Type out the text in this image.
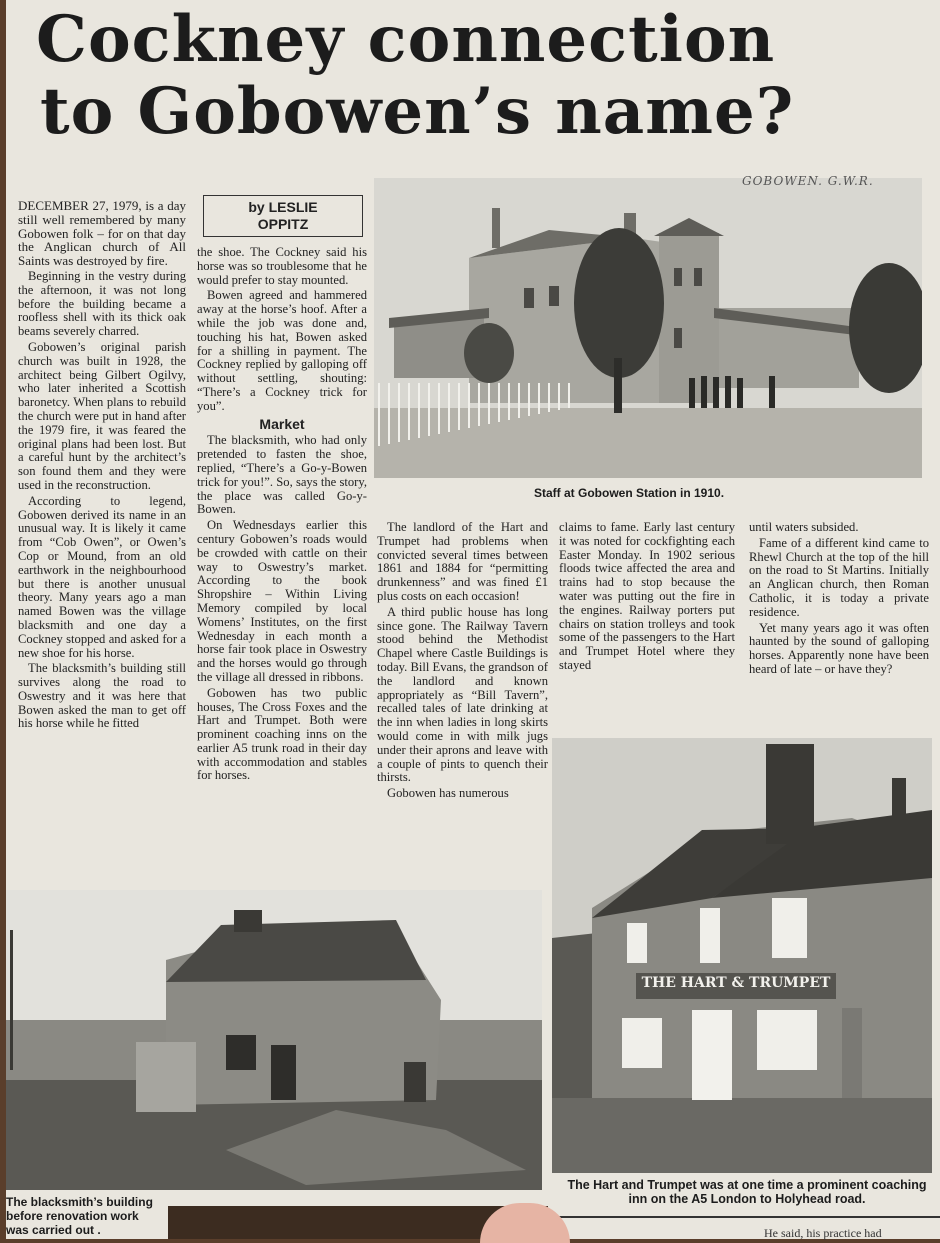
Cockney connection
to Gobowen’s name?

DECEMBER 27, 1979, is a day still well remembered by many Gobowen folk – for on that day the Anglican church of All Saints was destroyed by fire.

Beginning in the vestry during the afternoon, it was not long before the building became a roofless shell with its thick oak beams severely charred.

Gobowen’s original parish church was built in 1928, the architect being Gilbert Ogilvy, who later inherited a Scottish baronetcy. When plans to rebuild the church were put in hand after the 1979 fire, it was feared the original plans had been lost. But a careful hunt by the architect’s son found them and they were used in the reconstruction.

According to legend, Gobowen derived its name in an unusual way. It is likely it came from “Cob Owen”, or Owen’s Cop or Mound, from an old earthwork in the neighbourhood but there is another unusual theory. Many years ago a man named Bowen was the village blacksmith and one day a Cockney stopped and asked for a new shoe for his horse.

The blacksmith’s building still survives along the road to Oswestry and it was here that Bowen asked the man to get off his horse while he fitted

by LESLIE
OPPITZ

the shoe. The Cockney said his horse was so troublesome that he would prefer to stay mounted.

Bowen agreed and hammered away at the horse’s hoof. After a while the job was done and, touching his hat, Bowen asked for a shilling in payment. The Cockney replied by galloping off without settling, shouting: “There’s a Cockney trick for you”.

Market

The blacksmith, who had only pretended to fasten the shoe, replied, “There’s a Go-y-Bowen trick for you!”. So, says the story, the place was called Go-y-Bowen.

On Wednesdays earlier this century Gobowen’s roads would be crowded with cattle on their way to Oswestry’s market. According to the book Shropshire – Within Living Memory compiled by local Womens’ Institutes, on the first Wednesday in each month a horse fair took place in Oswestry and the horses would go through the village all dressed in ribbons.

Gobowen has two public houses, The Cross Foxes and the Hart and Trumpet. Both were prominent coaching inns on the earlier A5 trunk road in their day with accommodation and stables for horses.

GOBOWEN. G.W.R.
Staff at Gobowen Station in 1910.

The landlord of the Hart and Trumpet had problems when convicted several times between 1861 and 1884 for “permitting drunkenness” and was fined £1 plus costs on each occasion!

A third public house has long since gone. The Railway Tavern stood behind the Methodist Chapel where Castle Buildings is today. Bill Evans, the grandson of the landlord and known appropriately as “Bill Tavern”, recalled tales of late drinking at the inn when ladies in long skirts would come in with milk jugs under their aprons and leave with a couple of pints to quench their thirsts.

Gobowen has numerous

claims to fame. Early last century it was noted for cockfighting each Easter Monday. In 1902 serious floods twice affected the area and trains had to stop because the water was putting out the fire in the engines. Railway porters put chairs on station trolleys and took some of the passengers to the Hart and Trumpet Hotel where they stayed

until waters subsided.

Fame of a different kind came to Rhewl Church at the top of the hill on the road to St Martins. Initially an Anglican church, then Roman Catholic, it is today a private residence.

Yet many years ago it was often haunted by the sound of galloping horses. Apparently none have been heard of late – or have they?

The blacksmith’s building before renovation work was carried out .
THE HART & TRUMPET
The Hart and Trumpet was at one time a prominent coaching inn on the A5 London to Holyhead road.
He said, his practice had
